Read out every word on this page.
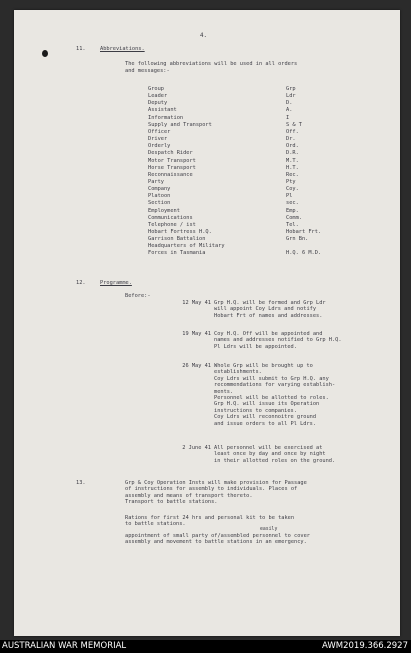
4.
11.	Abbreviations.
The following abbreviations will be used in all orders
and messages:-
Group	Grp
Leader	Ldr
Deputy	D.
Assistant	A.
Information	I
Supply and Transport	S & T
Officer	Off.
Driver	Dr.
Orderly	Ord.
Despatch Rider	D.R.
Motor Transport	M.T.
Horse Transport	H.T.
Reconnaissance	Rec.
Party	Pty
Company	Coy.
Platoon	Pl
Section	sec.
Employment	Emp.
Communications	Comm.
Telephone / ist	Tel.
Hobart Fortress H.Q.	Hobart Frt.
Garrison Battalion	Grn Bn.
Headquarters of Military
Forces in Tasmania	H.Q. 6 M.D.
12.	Programme.
Before:-
12 May 41 Grp H.Q. will be formed and Grp Ldr
will appoint Coy Ldrs and notify
Hobart Frt of names and addresses.
19 May 41 Coy H.Q. Off will be appointed and
names and addresses notified to Grp H.Q.
Pl Ldrs will be appointed.
26 May 41 Whole Grp will be brought up to
establishments.
Coy Ldrs will submit to Grp H.Q. any
recommendations for varying establish-
ments.
Personnel will be allotted to roles.
Grp H.Q. will issue its Operation
instructions to companies.
Coy Ldrs will reconnoitre ground
and issue orders to all Pl Ldrs.
2 June 41 All personnel will be exercised at
least once by day and once by night
in their allotted roles on the ground.
13.	Grp & Coy Operation Insts will make provision for Passage
of instructions for assembly to individuals. Places of
assembly and means of transport thereto.
Transport to battle stations.
Rations for first 24 hrs and personal kit to be taken
to battle stations.
easily
appointment of small party of/assembled personnel to cover
assembly and movement to battle stations in an emergency.
AUSTRALIAN WAR MEMORIAL	AWM2019.366.2927
